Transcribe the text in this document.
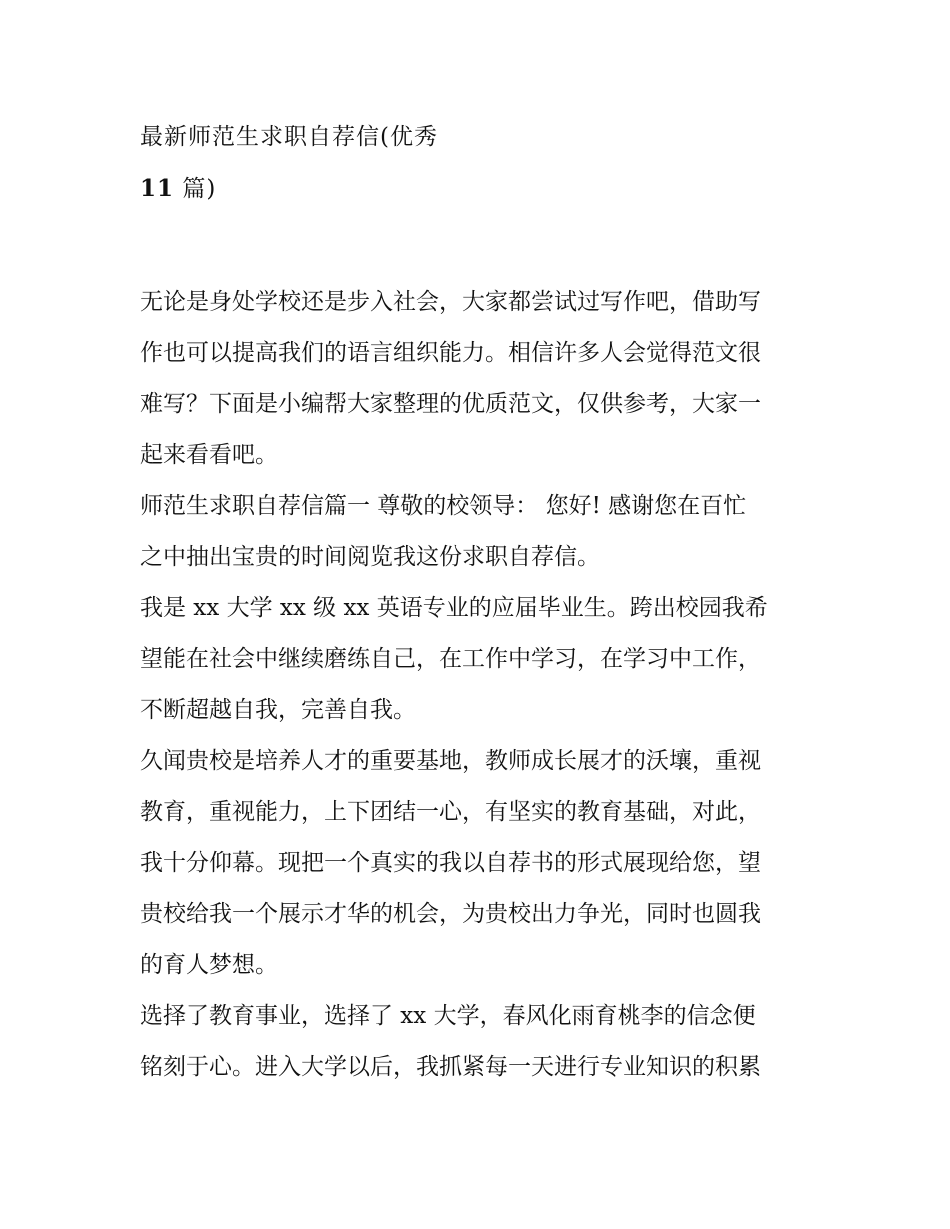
最新师范生求职自荐信(优秀
11 篇)
无论是身处学校还是步入社会，大家都尝试过写作吧，借助写
作也可以提高我们的语言组织能力。相信许多人会觉得范文很
难写？下面是小编帮大家整理的优质范文，仅供参考，大家一
起来看看吧。
师范生求职自荐信篇一 尊敬的校领导： 您好! 感谢您在百忙
之中抽出宝贵的时间阅览我这份求职自荐信。
我是 xx 大学 xx 级 xx 英语专业的应届毕业生。跨出校园我希
望能在社会中继续磨练自己，在工作中学习，在学习中工作，
不断超越自我，完善自我。
久闻贵校是培养人才的重要基地，教师成长展才的沃壤，重视
教育，重视能力，上下团结一心，有坚实的教育基础，对此，
我十分仰幕。现把一个真实的我以自荐书的形式展现给您，望
贵校给我一个展示才华的机会，为贵校出力争光，同时也圆我
的育人梦想。
选择了教育事业，选择了 xx 大学，春风化雨育桃李的信念便
铭刻于心。进入大学以后，我抓紧每一天进行专业知识的积累
